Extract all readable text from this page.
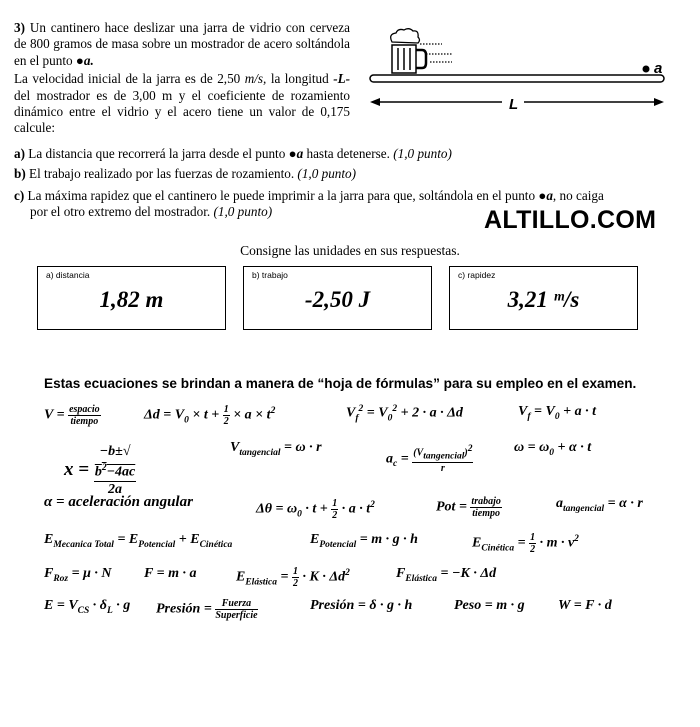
3) Un cantinero hace deslizar una jarra de vidrio con cerveza de 800 gramos de masa sobre un mostrador de acero soltándola en el punto ●a.

La velocidad inicial de la jarra es de 2,50 m/s, la longitud -L- del mostrador es de 3,00 m y el coeficiente de rozamiento dinámico entre el vidrio y el acero tiene un valor de 0,175 calcule:

a
L
a) La distancia que recorrerá la jarra desde el punto ●a hasta detenerse. (1,0 punto)
b) El trabajo realizado por las fuerzas de rozamiento. (1,0 punto)
c) La máxima rapidez que el cantinero le puede imprimir a la jarra para que, soltándola en el punto ●a, no caiga
por el otro extremo del mostrador. (1,0 punto)	ALTILLO.COM
Consigne las unidades en sus respuestas.
a) distancia
1,82 m
b) trabajo
-2,50 J
c) rapidez
3,21 ᵐ/s
Estas ecuaciones se brindan a manera de “hoja de fórmulas” para su empleo en el examen.
V = espacio
tiempo	$\Delta d = V_0 \times t + \frac{1}{2} \times a \times t^2$	$V_f^2 = V_0^2 + 2 \cdot a \cdot \Delta d$	$V_f = V_0 + a \cdot t$
x = −b±√
$b^2-4ac$
2a	$V_{tangencial} = \omega \cdot r$
$a_c = (V_{tangencial})^2$
r
$\omega = \omega_0 + \alpha \cdot t$
α = aceleración angular	$\Delta\theta = \omega_0 \cdot t + \frac{1}{2} \cdot a \cdot t^2$	Pot = trabajo
tiempo
$a_{tangencial} = \alpha \cdot r$
$E_{Mecanica Total} = E_{Potencial} + E_{Cinética}$	$E_{Potencial} = m \cdot g \cdot h$	$E_{Cinética} = \frac{1}{2} \cdot m \cdot v^2$
$F_{Roz} = \mu \cdot N$ F = m · a	$E_{Elástica} = \frac{1}{2} \cdot K \cdot \Delta d^2$	$F_{Elástica} = -K \cdot \Delta d$
$E = V_{CS} \cdot \delta_L \cdot g$ Presión = Fuerza
Superficie
Presión = δ · g · h	Peso = m · g W = F · d
